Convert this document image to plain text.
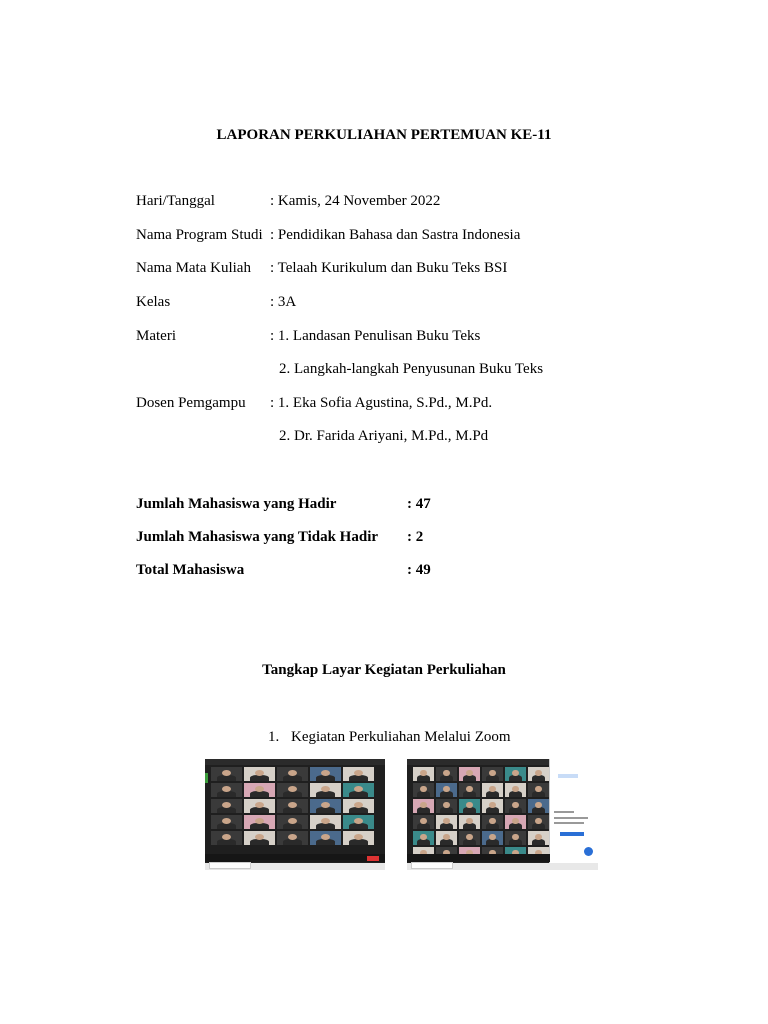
LAPORAN PERKULIAHAN PERTEMUAN KE-11
Hari/Tanggal	: Kamis, 24 November 2022
Nama Program Studi : Pendidikan Bahasa dan Sastra Indonesia
Nama Mata Kuliah : Telaah Kurikulum dan Buku Teks BSI
Kelas	: 3A
Materi	: 1. Landasan Penulisan Buku Teks
2. Langkah-langkah Penyusunan Buku Teks
Dosen Pemgampu : 1. Eka Sofia Agustina, S.Pd., M.Pd.
2. Dr. Farida Ariyani, M.Pd., M.Pd
Jumlah Mahasiswa yang Hadir	: 47
Jumlah Mahasiswa yang Tidak Hadir : 2
Total Mahasiswa	: 49
Tangkap Layar Kegiatan Perkuliahan
1. Kegiatan Perkuliahan Melalui Zoom
